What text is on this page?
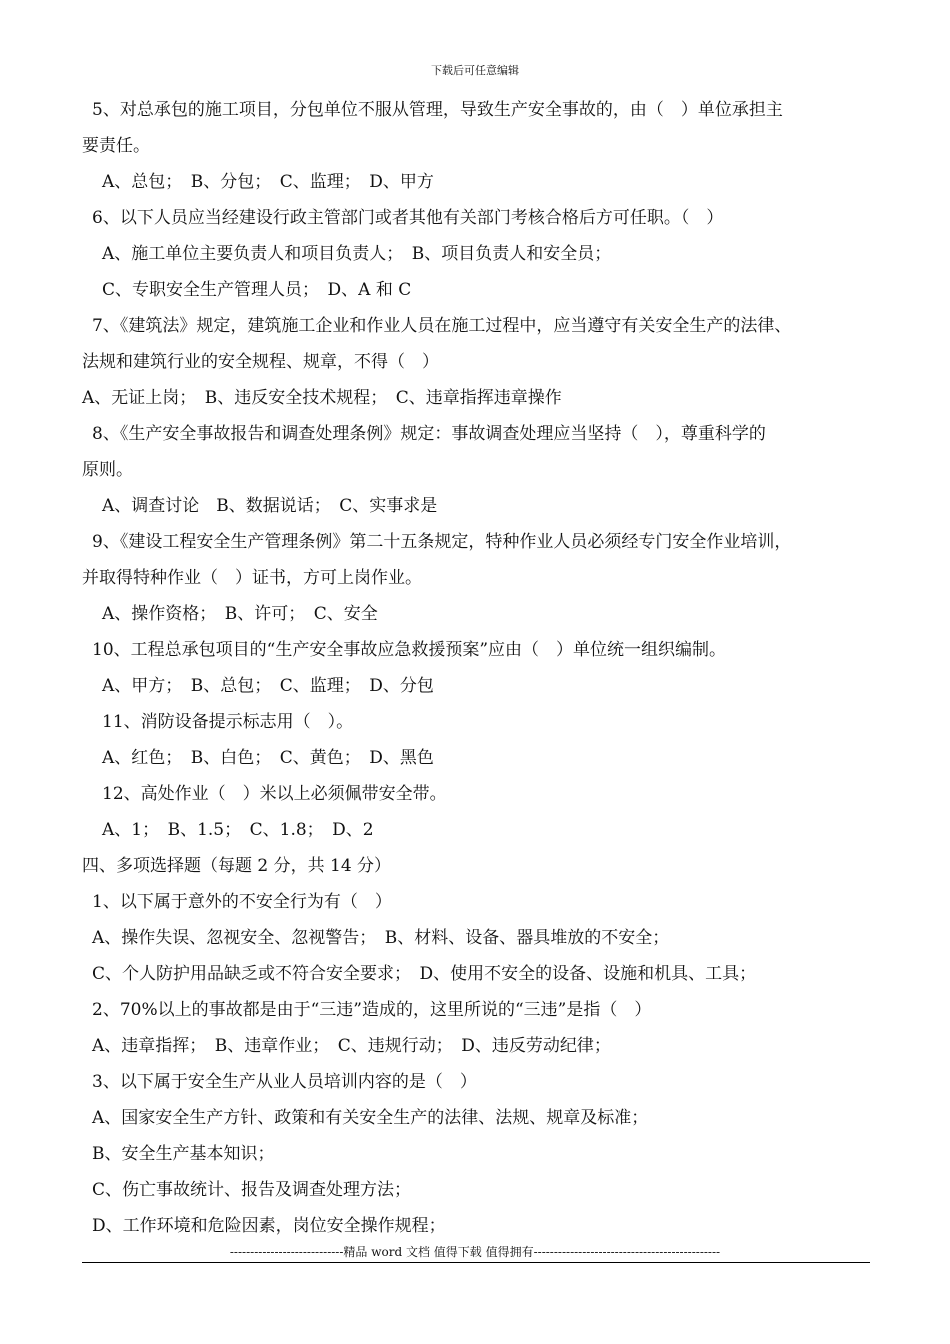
下载后可任意编辑
5、对总承包的施工项目，分包单位不服从管理，导致生产安全事故的，由（　）单位承担主
要责任。
A、总包；　B、分包；　C、监理；　D、甲方
6、以下人员应当经建设行政主管部门或者其他有关部门考核合格后方可任职。（　）
A、施工单位主要负责人和项目负责人；　B、项目负责人和安全员；
C、专职安全生产管理人员；　D、A 和 C
7、《建筑法》规定，建筑施工企业和作业人员在施工过程中，应当遵守有关安全生产的法律、
法规和建筑行业的安全规程、规章，不得（　）
A、无证上岗；　B、违反安全技术规程；　C、违章指挥违章操作
8、《生产安全事故报告和调查处理条例》规定：事故调查处理应当坚持（　），尊重科学的
原则。
A、调查讨论　B、数据说话；　C、实事求是
9、《建设工程安全生产管理条例》第二十五条规定，特种作业人员必须经专门安全作业培训，
并取得特种作业（　）证书，方可上岗作业。
A、操作资格；　B、许可；　C、安全
10、工程总承包项目的“生产安全事故应急救援预案”应由（　）单位统一组织编制。
A、甲方；　B、总包；　C、监理；　D、分包
11、消防设备提示标志用（　）。
A、红色；　B、白色；　C、黄色；　D、黑色
12、高处作业（　）米以上必须佩带安全带。
A、1；　B、1.5；　C、1.8；　D、2
四、多项选择题（每题 2 分，共 14 分）
1、以下属于意外的不安全行为有（　）
A、操作失误、忽视安全、忽视警告；　B、材料、设备、器具堆放的不安全；
C、个人防护用品缺乏或不符合安全要求；　D、使用不安全的设备、设施和机具、工具；
2、70%以上的事故都是由于“三违”造成的，这里所说的“三违”是指（　）
A、违章指挥；　B、违章作业；　C、违规行动；　D、违反劳动纪律；
3、以下属于安全生产从业人员培训内容的是（　）
A、国家安全生产方针、政策和有关安全生产的法律、法规、规章及标准；
B、安全生产基本知识；
C、伤亡事故统计、报告及调查处理方法；
D、工作环境和危险因素，岗位安全操作规程；
----------------------------精品 word 文档 值得下载 值得拥有----------------------------------------------
